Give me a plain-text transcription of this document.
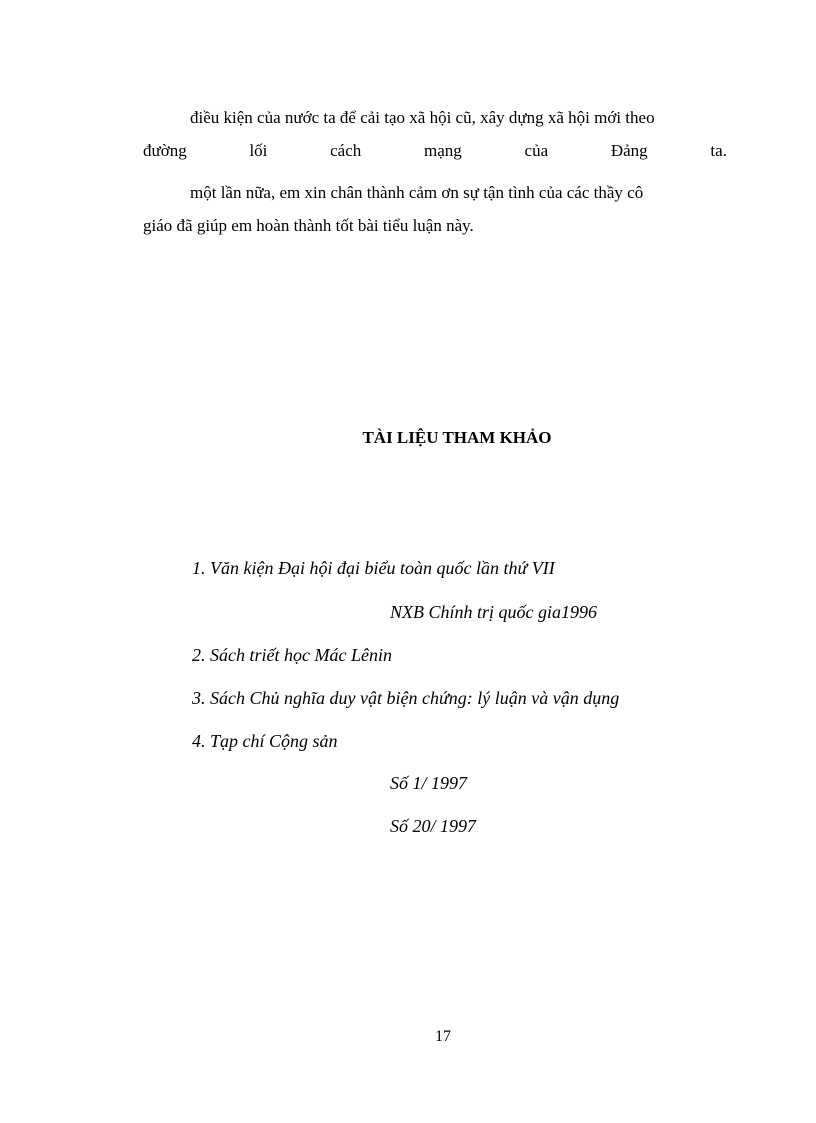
điều kiện của nước ta để cải tạo xã hội cũ, xây dựng xã hội mới theo
đường	lối	cách	mạng	của	Đảng	ta.
một lần nữa, em xin chân thành cảm ơn sự tận tình của các thầy cô
giáo đã giúp em hoàn thành tốt bài tiểu luận này.
TÀI LIỆU THAM KHẢO
1. Văn kiện Đại hội đại biểu toàn quốc lần thứ VII
NXB Chính trị quốc gia1996
2. Sách triết học Mác Lênin
3. Sách Chủ nghĩa duy vật biện chứng: lý luận và vận dụng
4. Tạp chí Cộng sản
Số 1/ 1997
Số 20/ 1997
17
